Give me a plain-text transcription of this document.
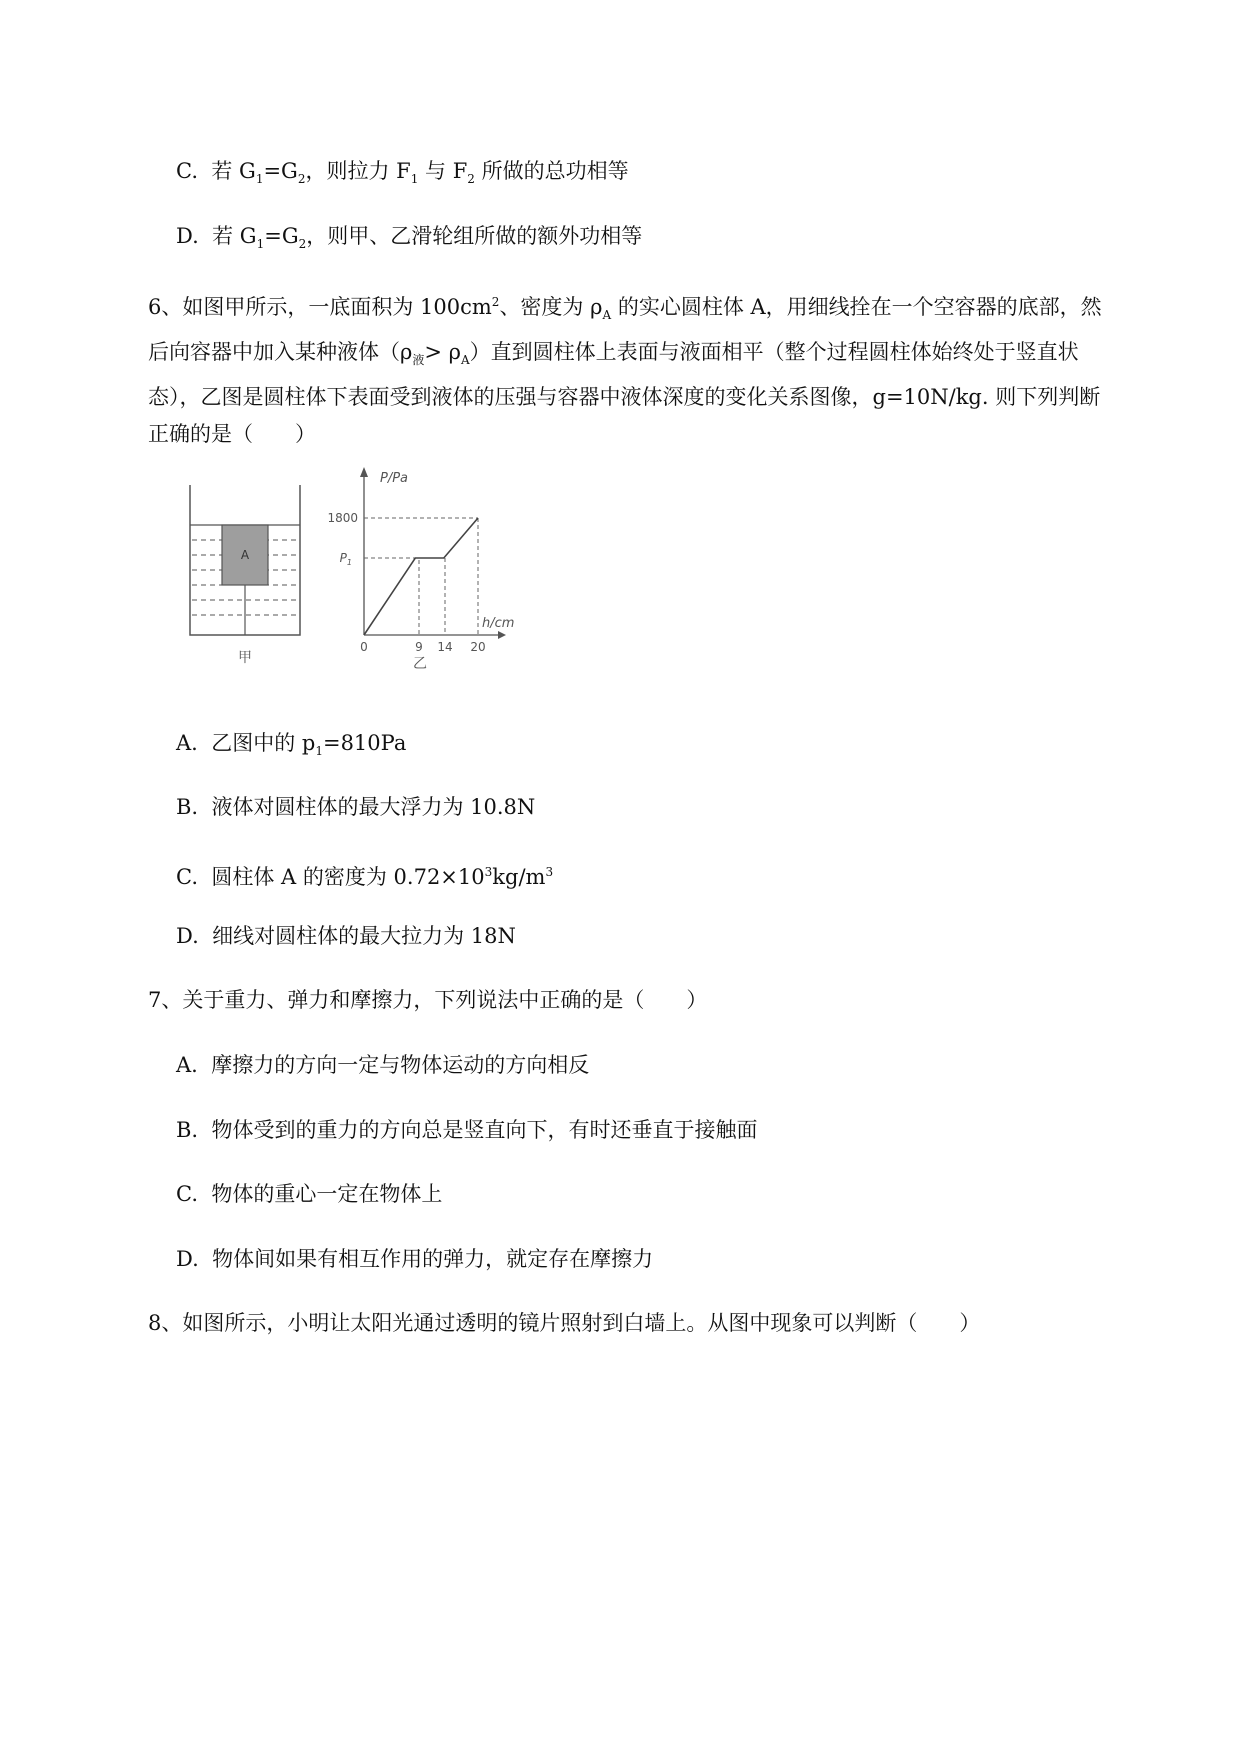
C. 若 $G_1=G_2$，则拉力 $F_1$ 与 $F_2$ 所做的总功相等
D. 若 $G_1=G_2$，则甲、乙滑轮组所做的额外功相等
6、如图甲所示，一底面积为 $100cm^2$、密度为 $\rho_A$ 的实心圆柱体 A，用细线拴在一个空容器的底部，然
后向容器中加入某种液体$(\rho_液> \rho_A)$直到圆柱体上表面与液面相平（整个过程圆柱体始终处于竖直状
态），乙图是圆柱体下表面受到液体的压强与容器中液体深度的变化关系图像，g=10N/kg. 则下列判断
正确的是（　　）
A
甲
P/Pa
h/cm
1800
$P_1$
0	9 14 20
乙
A. 乙图中的 $p_1=810Pa$
B. 液体对圆柱体的最大浮力为 10.8N
C. 圆柱体 A 的密度为 $0.72\times 10^3kg/m^3$
D. 细线对圆柱体的最大拉力为 18N
7、关于重力、弹力和摩擦力，下列说法中正确的是（　　）
A. 摩擦力的方向一定与物体运动的方向相反
B. 物体受到的重力的方向总是竖直向下，有时还垂直于接触面
C. 物体的重心一定在物体上
D. 物体间如果有相互作用的弹力，就定存在摩擦力
8、如图所示，小明让太阳光通过透明的镜片照射到白墙上。从图中现象可以判断（　　）
